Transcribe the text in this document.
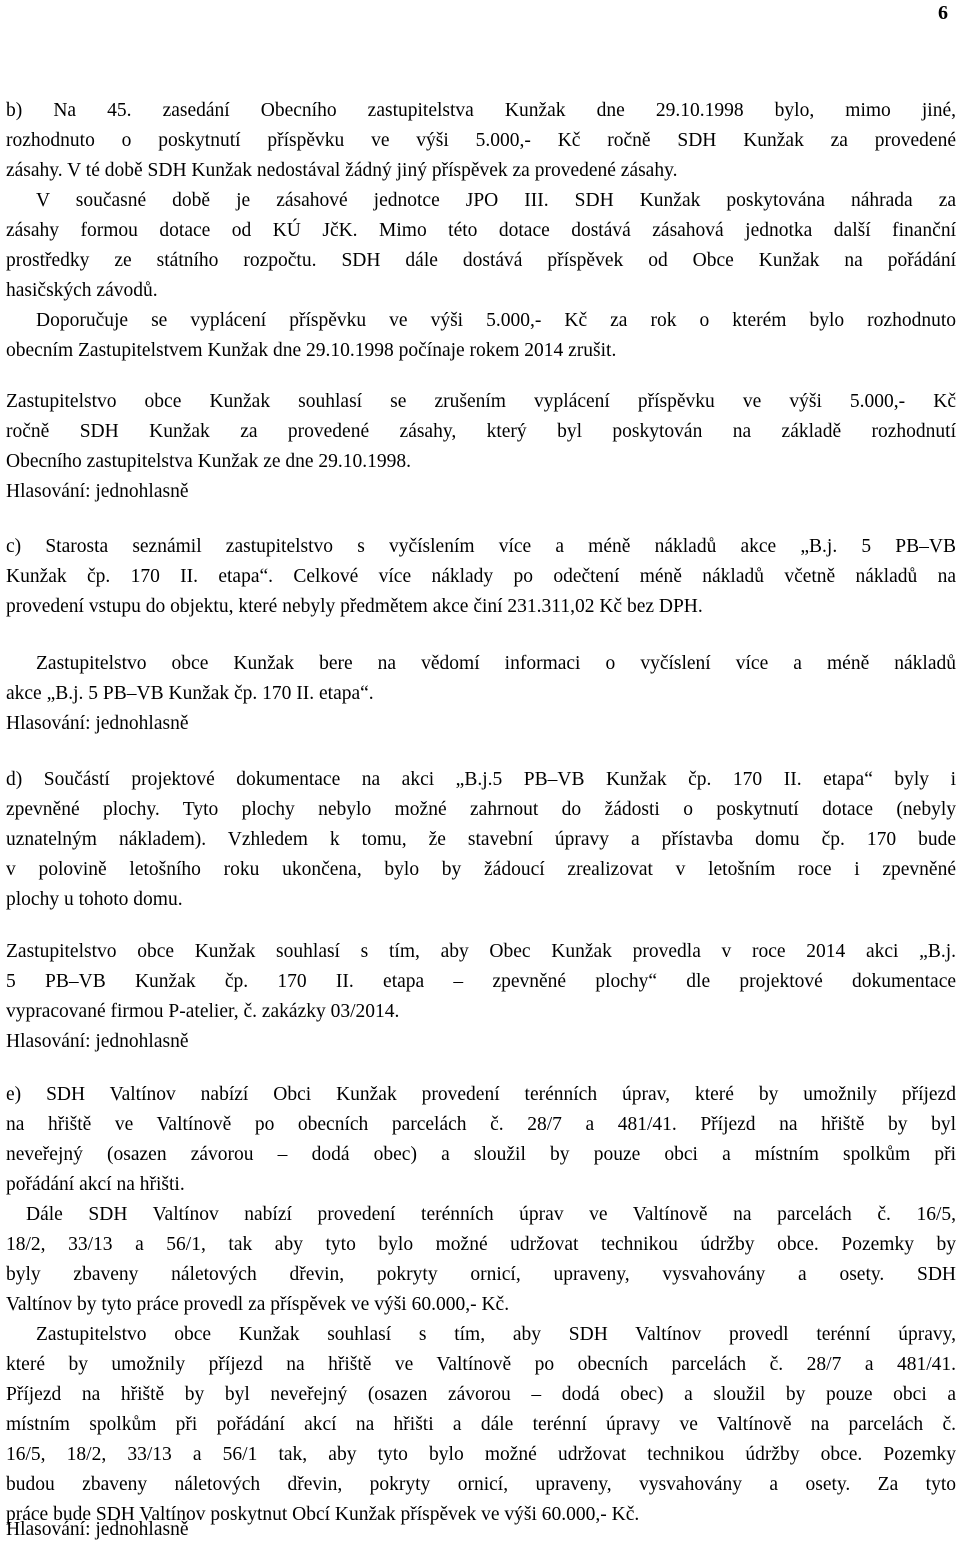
6
b) Na 45. zasedání Obecního zastupitelstva Kunžak dne 29.10.1998 bylo, mimo jiné,
rozhodnuto o poskytnutí příspěvku ve výši 5.000,- Kč ročně SDH Kunžak za provedené
zásahy. V té době SDH Kunžak nedostával žádný jiný příspěvek za provedené zásahy.
V současné době je zásahové jednotce JPO III. SDH Kunžak poskytována náhrada za
zásahy formou dotace od KÚ JčK. Mimo této dotace dostává zásahová jednotka další finanční
prostředky ze státního rozpočtu. SDH dále dostává příspěvek od Obce Kunžak na pořádání
hasičských závodů.
Doporučuje se vyplácení příspěvku ve výši 5.000,- Kč za rok o kterém bylo rozhodnuto
obecním Zastupitelstvem Kunžak dne 29.10.1998 počínaje rokem 2014 zrušit.
Zastupitelstvo obce Kunžak souhlasí se zrušením vyplácení příspěvku ve výši 5.000,- Kč
ročně SDH Kunžak za provedené zásahy, který byl poskytován na základě rozhodnutí
Obecního zastupitelstva Kunžak ze dne 29.10.1998.
Hlasování: jednohlasně
c) Starosta seznámil zastupitelstvo s vyčíslením více a méně nákladů akce „B.j. 5 PB–VB
Kunžak čp. 170 II. etapa“. Celkové více náklady po odečtení méně nákladů včetně nákladů na
provedení vstupu do objektu, které nebyly předmětem akce činí 231.311,02 Kč bez DPH.
Zastupitelstvo obce Kunžak bere na vědomí informaci o vyčíslení více a méně nákladů
akce „B.j. 5 PB–VB Kunžak čp. 170 II. etapa“.
Hlasování: jednohlasně
d) Součástí projektové dokumentace na akci „B.j.5 PB–VB Kunžak čp. 170 II. etapa“ byly i
zpevněné plochy. Tyto plochy nebylo možné zahrnout do žádosti o poskytnutí dotace (nebyly
uznatelným nákladem). Vzhledem k tomu, že stavební úpravy a přístavba domu čp. 170 bude
v polovině letošního roku ukončena, bylo by žádoucí zrealizovat v letošním roce i zpevněné
plochy u tohoto domu.
Zastupitelstvo obce Kunžak souhlasí s tím, aby Obec Kunžak provedla v roce 2014 akci „B.j.
5 PB–VB Kunžak čp. 170 II. etapa – zpevněné plochy“ dle projektové dokumentace
vypracované firmou P-atelier, č. zakázky 03/2014.
Hlasování: jednohlasně
e) SDH Valtínov nabízí Obci Kunžak provedení terénních úprav, které by umožnily příjezd
na hřiště ve Valtínově po obecních parcelách č. 28/7 a 481/41. Příjezd na hřiště by byl
neveřejný (osazen závorou – dodá obec) a sloužil by pouze obci a místním spolkům při
pořádání akcí na hřišti.
Dále SDH Valtínov nabízí provedení terénních úprav ve Valtínově na parcelách č. 16/5,
18/2, 33/13 a 56/1, tak aby tyto bylo možné udržovat technikou údržby obce. Pozemky by
byly zbaveny náletových dřevin, pokryty ornicí, upraveny, vysvahovány a osety. SDH
Valtínov by tyto práce provedl za příspěvek ve výši 60.000,- Kč.
Zastupitelstvo obce Kunžak souhlasí s tím, aby SDH Valtínov provedl terénní úpravy,
které by umožnily příjezd na hřiště ve Valtínově po obecních parcelách č. 28/7 a 481/41.
Příjezd na hřiště by byl neveřejný (osazen závorou – dodá obec) a sloužil by pouze obci a
místním spolkům při pořádání akcí na hřišti a dále terénní úpravy ve Valtínově na parcelách č.
16/5, 18/2, 33/13 a 56/1 tak, aby tyto bylo možné udržovat technikou údržby obce. Pozemky
budou zbaveny náletových dřevin, pokryty ornicí, upraveny, vysvahovány a osety. Za tyto
práce bude SDH Valtínov poskytnut Obcí Kunžak příspěvek ve výši 60.000,- Kč.
Hlasování: jednohlasně
